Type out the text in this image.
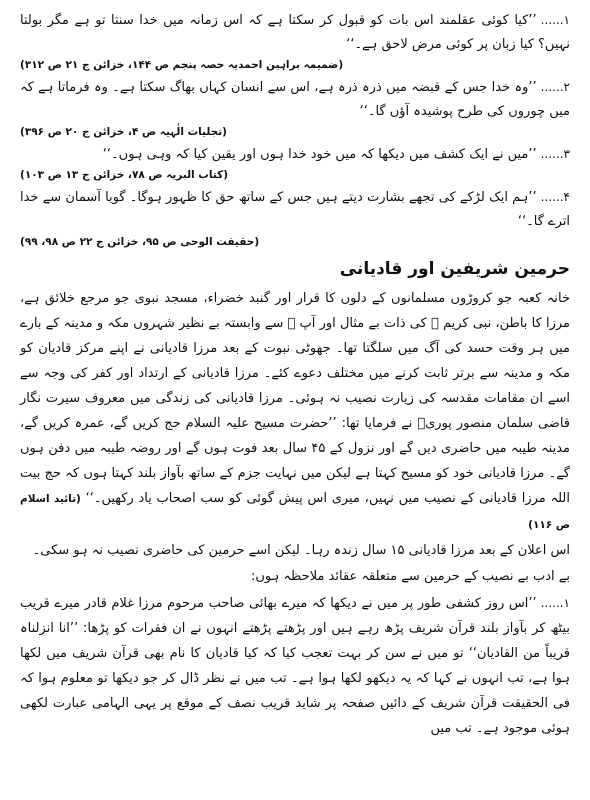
۱......’’کیا کوئی عقلمند اس بات کو قبول کر سکتا ہے کہ اس زمانہ میں خدا سنتا تو ہے مگر بولتا نہیں؟ کیا زبان پر کوئی مرض لاحق ہے۔‘‘

(ضمیمہ براہین احمدیہ حصہ پنجم ص ۱۴۴، خزائن ج ۲۱ ص ۳۱۲)

۲......’’وہ خدا جس کے قبضہ میں ذرہ ذرہ ہے، اس سے انسان کہاں بھاگ سکتا ہے۔ وہ فرماتا ہے کہ میں چوروں کی طرح پوشیدہ آؤں گا۔‘‘

(تجلیات الٰہیہ ص ۴، خزائن ج ۲۰ ص ۳۹۶)

۳......’’میں نے ایک کشف میں دیکھا کہ میں خود خدا ہوں اور یقین کیا کہ وہی ہوں۔‘‘

(کتاب البریہ ص ۷۸، خزائن ج ۱۳ ص ۱۰۳)

۴......’’ہم ایک لڑکے کی تجھے بشارت دیتے ہیں جس کے ساتھ حق کا ظہور ہوگا۔ گویا آسمان سے خدا اترے گا۔‘‘

(حقیقت الوحی ص ۹۵، خزائن ج ۲۲ ص ۹۸، ۹۹)

حرمین شریفین اور قادیانی

خانہ کعبہ جو کروڑوں مسلمانوں کے دلوں کا قرار اور گنبد خضراء، مسجد نبوی جو مرجع خلائق ہے، مرزا کا باطن، نبی کریم ﷺ کی ذات بے مثال اور آپ ﷺ سے وابستہ بے نظیر شہروں مکہ و مدینہ کے بارے میں ہر وقت حسد کی آگ میں سلگتا تھا۔ جھوٹی نبوت کے بعد مرزا قادیانی نے اپنے مرکز قادیان کو مکہ و مدینہ سے برتر ثابت کرنے میں مختلف دعوے کئے۔ مرزا قادیانی کے ارتداد اور کفر کی وجہ سے اسے ان مقامات مقدسہ کی زیارت نصیب نہ ہوئی۔ مرزا قادیانی کی زندگی میں معروف سیرت نگار قاضی سلمان منصور پوریؒ نے فرمایا تھا: ’’حضرت مسیح علیہ السلام حج کریں گے، عمرہ کریں گے، مدینہ طیبہ میں حاضری دیں گے اور نزول کے ۴۵ سال بعد فوت ہوں گے اور روضہ طیبہ میں دفن ہوں گے۔ مرزا قادیانی خود کو مسیح کہتا ہے لیکن میں نہایت جزم کے ساتھ بآواز بلند کہتا ہوں کہ حج بیت اللہ مرزا قادیانی کے نصیب میں نہیں، میری اس پیش گوئی کو سب اصحاب یاد رکھیں۔‘‘ (تائید اسلام ص ۱۱۶)

اس اعلان کے بعد مرزا قادیانی ۱۵ سال زندہ رہا۔ لیکن اسے حرمین کی حاضری نصیب نہ ہو سکی۔

بے ادب بے نصیب کے حرمین سے متعلقہ عقائد ملاحظہ ہوں:

۱......’’اس روز کشفی طور پر میں نے دیکھا کہ میرے بھائی صاحب مرحوم مرزا غلام قادر میرے قریب بیٹھ کر بآواز بلند قرآن شریف پڑھ رہے ہیں اور پڑھتے پڑھتے انہوں نے ان فقرات کو پڑھا: ’’انا انزلناہ قریباً من القادیان‘‘ تو میں نے سن کر بہت تعجب کیا کہ کیا قادیان کا نام بھی قرآن شریف میں لکھا ہوا ہے، تب انہوں نے کہا کہ یہ دیکھو لکھا ہوا ہے۔ تب میں نے نظر ڈال کر جو دیکھا تو معلوم ہوا کہ فی الحقیقت قرآن شریف کے دائیں صفحہ پر شاید قریب نصف کے موقع پر یہی الہامی عبارت لکھی ہوئی موجود ہے۔ تب میں
